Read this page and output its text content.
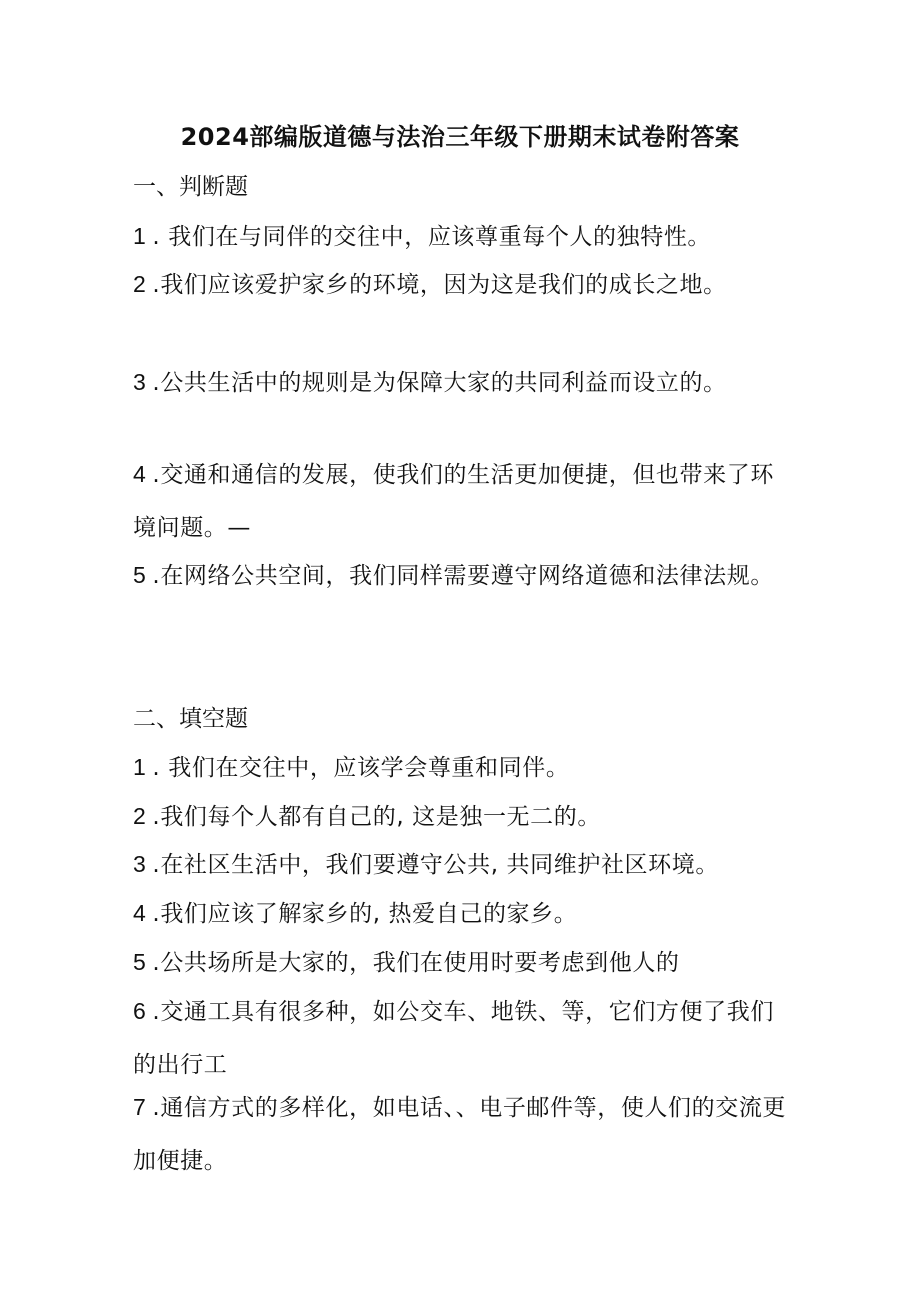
2024部编版道德与法治三年级下册期末试卷附答案
一、判断题
1 . 我们在与同伴的交往中，应该尊重每个人的独特性。
2 .我们应该爱护家乡的环境，因为这是我们的成长之地。
3 .公共生活中的规则是为保障大家的共同利益而设立的。
4 .交通和通信的发展，使我们的生活更加便捷，但也带来了环境问题。—
5 .在网络公共空间，我们同样需要遵守网络道德和法律法规。
二、填空题
1 . 我们在交往中，应该学会尊重和同伴。
2 .我们每个人都有自己的, 这是独一无二的。
3 .在社区生活中，我们要遵守公共, 共同维护社区环境。
4 .我们应该了解家乡的, 热爱自己的家乡。
5 .公共场所是大家的，我们在使用时要考虑到他人的
6 .交通工具有很多种，如公交车、地铁、等，它们方便了我们的出行工
7 .通信方式的多样化，如电话、、电子邮件等，使人们的交流更加便捷。
